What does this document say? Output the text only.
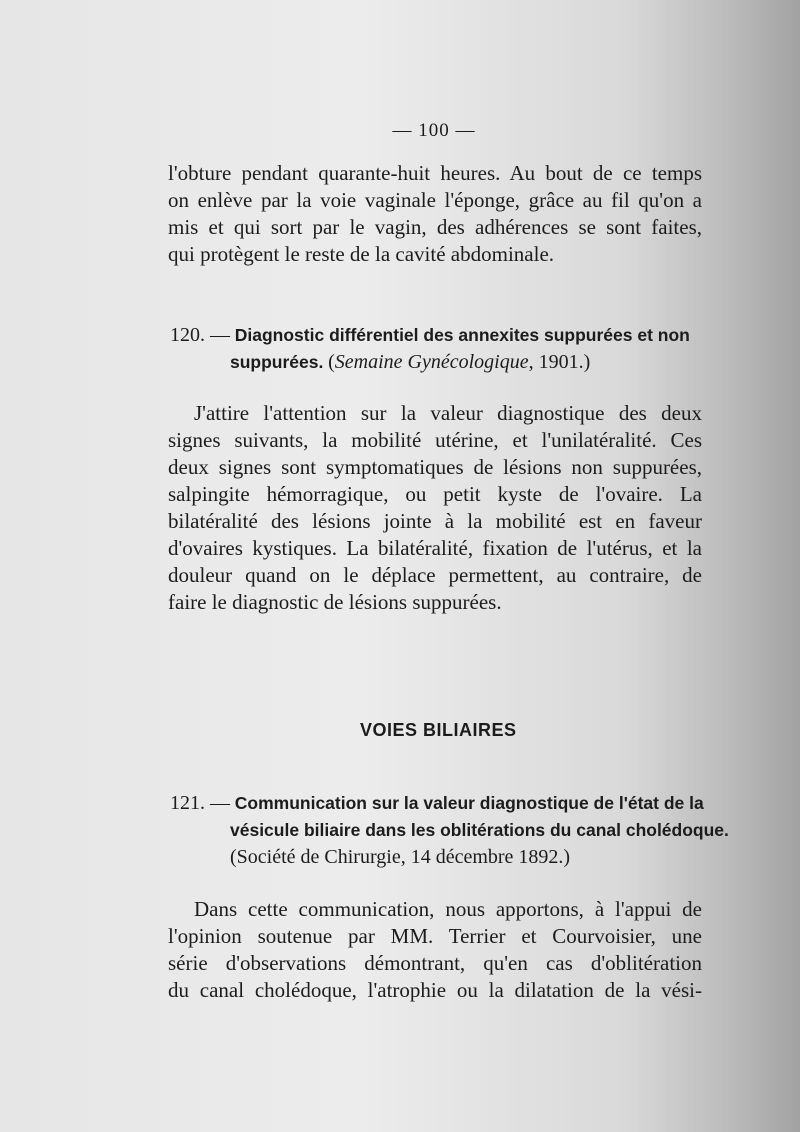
— 100 —

l'obture pendant quarante-huit heures. Au bout de ce temps
on enlève par la voie vaginale l'éponge, grâce au fil qu'on a
mis et qui sort par le vagin, des adhérences se sont faites,
qui protègent le reste de la cavité abdominale.

120. — Diagnostic différentiel des annexites suppurées et non
suppurées. (Semaine Gynécologique, 1901.)

J'attire l'attention sur la valeur diagnostique des deux
signes suivants, la mobilité utérine, et l'unilatéralité. Ces
deux signes sont symptomatiques de lésions non suppurées,
salpingite hémorragique, ou petit kyste de l'ovaire. La
bilatéralité des lésions jointe à la mobilité est en faveur
d'ovaires kystiques. La bilatéralité, fixation de l'utérus, et la
douleur quand on le déplace permettent, au contraire, de
faire le diagnostic de lésions suppurées.

VOIES BILIAIRES
121. — Communication sur la valeur diagnostique de l'état de la
vésicule biliaire dans les oblitérations du canal cholédoque.
(Société de Chirurgie, 14 décembre 1892.)

Dans cette communication, nous apportons, à l'appui de
l'opinion soutenue par MM. Terrier et Courvoisier, une
série d'observations démontrant, qu'en cas d'oblitération
du canal cholédoque, l'atrophie ou la dilatation de la vési-
